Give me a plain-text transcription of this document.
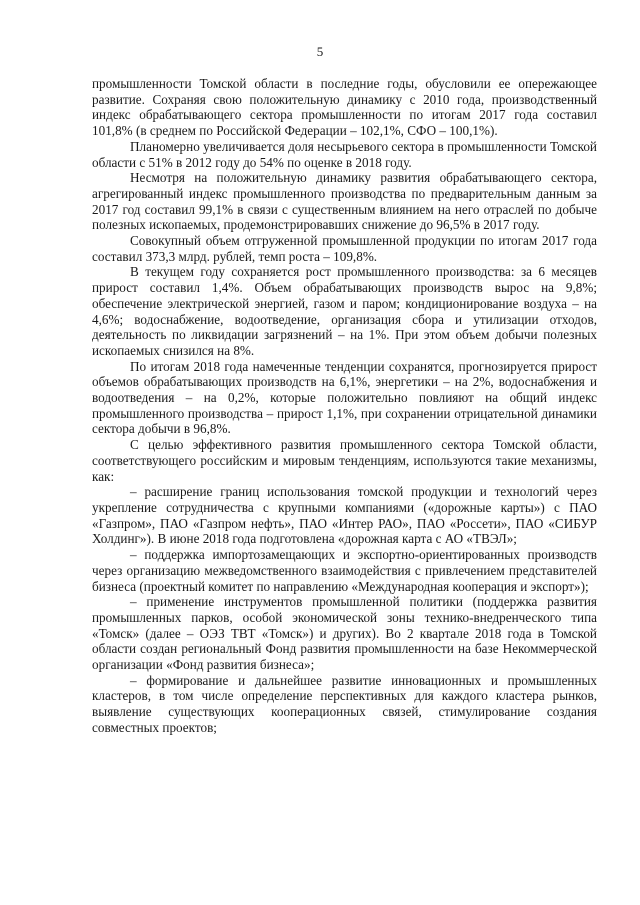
5

промышленности Томской области в последние годы, обусловили ее опережающее развитие. Сохраняя свою положительную динамику с 2010 года, производственный индекс обрабатывающего сектора промышленности по итогам 2017 года составил 101,8% (в среднем по Российской Федерации – 102,1%, СФО – 100,1%).

Планомерно увеличивается доля несырьевого сектора в промышленности Томской области с 51% в 2012 году до 54% по оценке в 2018 году.

Несмотря на положительную динамику развития обрабатывающего сектора, агрегированный индекс промышленного производства по предварительным данным за 2017 год составил 99,1% в связи с существенным влиянием на него отраслей по добыче полезных ископаемых, продемонстрировавших снижение до 96,5% в 2017 году.

Совокупный объем отгруженной промышленной продукции по итогам 2017 года составил 373,3 млрд. рублей, темп роста – 109,8%.

В текущем году сохраняется рост промышленного производства: за 6 месяцев прирост составил 1,4%. Объем обрабатывающих производств вырос на 9,8%; обеспечение электрической энергией, газом и паром; кондиционирование воздуха – на 4,6%; водоснабжение, водоотведение, организация сбора и утилизации отходов, деятельность по ликвидации загрязнений – на 1%. При этом объем добычи полезных ископаемых снизился на 8%.

По итогам 2018 года намеченные тенденции сохранятся, прогнозируется прирост объемов обрабатывающих производств на 6,1%, энергетики – на 2%, водоснабжения и водоотведения – на 0,2%, которые положительно повлияют на общий индекс промышленного производства – прирост 1,1%, при сохранении отрицательной динамики сектора добычи в 96,8%.

С целью эффективного развития промышленного сектора Томской области, соответствующего российским и мировым тенденциям, используются такие механизмы, как:

– расширение границ использования томской продукции и технологий через укрепление сотрудничества с крупными компаниями («дорожные карты») с ПАО «Газпром», ПАО «Газпром нефть», ПАО «Интер РАО», ПАО «Россети», ПАО «СИБУР Холдинг»). В июне 2018 года подготовлена «дорожная карта с АО «ТВЭЛ»;

– поддержка импортозамещающих и экспортно-ориентированных производств через организацию межведомственного взаимодействия с привлечением представителей бизнеса (проектный комитет по направлению «Международная кооперация и экспорт»);

– применение инструментов промышленной политики (поддержка развития промышленных парков, особой экономической зоны технико-внедренческого типа «Томск» (далее – ОЭЗ ТВТ «Томск») и других). Во 2 квартале 2018 года в Томской области создан региональный Фонд развития промышленности на базе Некоммерческой организации «Фонд развития бизнеса»;

– формирование и дальнейшее развитие инновационных и промышленных кластеров, в том числе определение перспективных для каждого кластера рынков, выявление существующих кооперационных связей, стимулирование создания совместных проектов;
